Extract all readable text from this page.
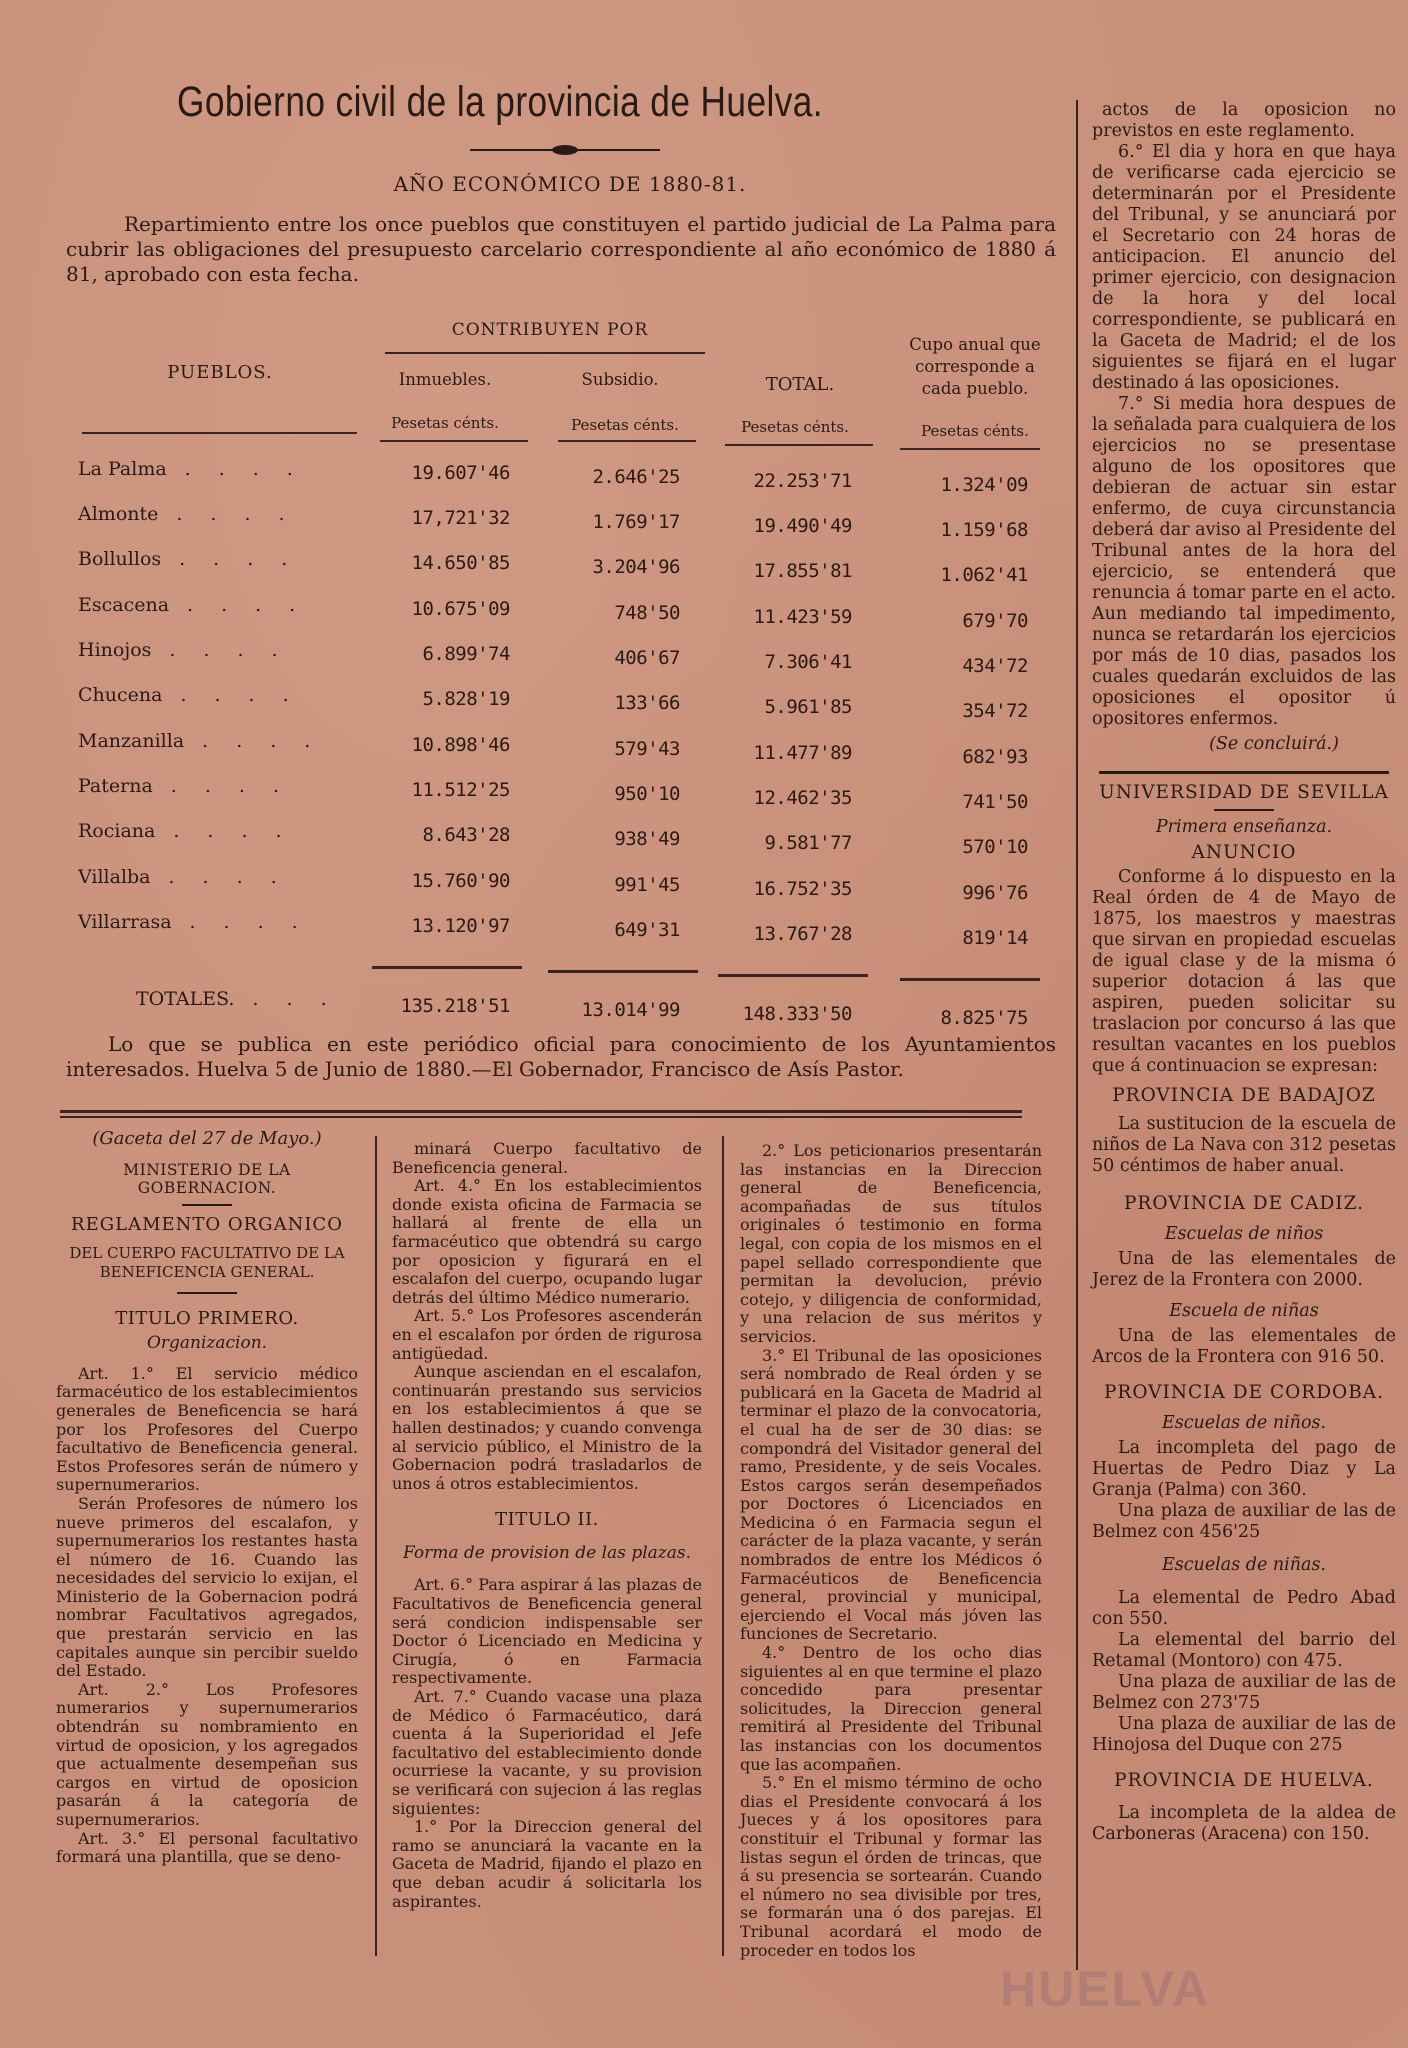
Gobierno civil de la provincia de Huelva.
AÑO ECONÓMICO DE 1880-81.
Repartimiento entre los once pueblos que constituyen el partido judicial de La Palma para cubrir las obligaciones del presupuesto carcelario correspondiente al año económico de 1880 á 81, aprobado con esta fecha.
CONTRIBUYEN POR
PUEBLOS.	Inmuebles.	Subsidio.	TOTAL.
Cupo anual que corresponde a cada pueblo.
Pesetas cénts.	Pesetas cénts.	Pesetas cénts.	Pesetas cénts.
La Palma ....	19.607'46	2.646'25	22.253'71	1.324'09
Almonte ....	17,721'32	1.769'17	19.490'49	1.159'68
Bollullos ....	14.650'85	3.204'96	17.855'81	1.062'41
Escacena ....	10.675'09	748'50	11.423'59	679'70
Hinojos ....	6.899'74	406'67	7.306'41	434'72
Chucena ....	5.828'19	133'66	5.961'85	354'72
Manzanilla ....	10.898'46	579'43	11.477'89	682'93
Paterna ....	11.512'25	950'10	12.462'35	741'50
Rociana ....	8.643'28	938'49	9.581'77	570'10
Villalba ....	15.760'90	991'45	16.752'35	996'76
Villarrasa ....	13.120'97	649'31	13.767'28	819'14
TOTALES. ...	135.218'51	13.014'99	148.333'50	8.825'75
Lo que se publica en este periódico oficial para conocimiento de los Ayuntamientos interesados. Huelva 5 de Junio de 1880.—El Gobernador, Francisco de Asís Pastor.

actos de la oposicion no previstos en este reglamento.

6.° El dia y hora en que haya de verificarse cada ejercicio se determinarán por el Presidente del Tribunal, y se anunciará por el Secretario con 24 horas de anticipacion. El anuncio del primer ejercicio, con designacion de la hora y del local correspondiente, se publicará en la Gaceta de Madrid; el de los siguientes se fijará en el lugar destinado á las oposiciones.

7.° Si media hora despues de la señalada para cualquiera de los ejercicios no se presentase alguno de los opositores que debieran de actuar sin estar enfermo, de cuya circunstancia deberá dar aviso al Presidente del Tribunal antes de la hora del ejercicio, se entenderá que renuncia á tomar parte en el acto. Aun mediando tal impedimento, nunca se retardarán los ejercicios por más de 10 dias, pasados los cuales quedarán excluidos de las oposiciones el opositor ú opositores enfermos.

(Se concluirá.)

UNIVERSIDAD DE SEVILLA

Primera enseñanza.

ANUNCIO

Conforme á lo dispuesto en la Real órden de 4 de Mayo de 1875, los maestros y maestras que sirvan en propiedad escuelas de igual clase y de la misma ó superior dotacion á las que aspiren, pueden solicitar su traslacion por concurso á las que resultan vacantes en los pueblos que á continuacion se expresan:

PROVINCIA DE BADAJOZ

La sustitucion de la escuela de niños de La Nava con 312 pesetas 50 céntimos de haber anual.

PROVINCIA DE CADIZ.

Escuelas de niños

Una de las elementales de Jerez de la Frontera con 2000.

Escuela de niñas

Una de las elementales de Arcos de la Frontera con 916 50.

PROVINCIA DE CORDOBA.

Escuelas de niños.

La incompleta del pago de Huertas de Pedro Diaz y La Granja (Palma) con 360.

Una plaza de auxiliar de las de Belmez con 456'25

Escuelas de niñas.

La elemental de Pedro Abad con 550.

La elemental del barrio del Retamal (Montoro) con 475.

Una plaza de auxiliar de las de Belmez con 273'75

Una plaza de auxiliar de las de Hinojosa del Duque con 275

PROVINCIA DE HUELVA.

La incompleta de la aldea de Carboneras (Aracena) con 150.

(Gaceta del 27 de Mayo.)

MINISTERIO DE LA GOBERNACION.
REGLAMENTO ORGANICO

DEL CUERPO FACULTATIVO DE LA BENEFICENCIA GENERAL.

TITULO PRIMERO.

Organizacion.

Art. 1.° El servicio médico farmacéutico de los establecimientos generales de Beneficencia se hará por los Profesores del Cuerpo facultativo de Beneficencia general. Estos Profesores serán de número y supernumerarios.

Serán Profesores de número los nueve primeros del escalafon, y supernumerarios los restantes hasta el número de 16. Cuando las necesidades del servicio lo exijan, el Ministerio de la Gobernacion podrá nombrar Facultativos agregados, que prestarán servicio en las capitales aunque sin percibir sueldo del Estado.

Art. 2.° Los Profesores numerarios y supernumerarios obtendrán su nombramiento en virtud de oposicion, y los agregados que actualmente desempeñan sus cargos en virtud de oposicion pasarán á la categoría de supernumerarios.

Art. 3.° El personal facultativo formará una plantilla, que se deno-

minará Cuerpo facultativo de Beneficencia general.

Art. 4.° En los establecimientos donde exista oficina de Farmacia se hallará al frente de ella un farmacéutico que obtendrá su cargo por oposicion y figurará en el escalafon del cuerpo, ocupando lugar detrás del último Médico numerario.

Art. 5.° Los Profesores ascenderán en el escalafon por órden de rigurosa antigüedad.

Aunque asciendan en el escalafon, continuarán prestando sus servicios en los establecimientos á que se hallen destinados; y cuando convenga al servicio público, el Ministro de la Gobernacion podrá trasladarlos de unos á otros establecimientos.

TITULO II.

Forma de provision de las plazas.

Art. 6.° Para aspirar á las plazas de Facultativos de Beneficencia general será condicion indispensable ser Doctor ó Licenciado en Medicina y Cirugía, ó en Farmacia respectivamente.

Art. 7.° Cuando vacase una plaza de Médico ó Farmacéutico, dará cuenta á la Superioridad el Jefe facultativo del establecimiento donde ocurriese la vacante, y su provision se verificará con sujecion á las reglas siguientes:

1.° Por la Direccion general del ramo se anunciará la vacante en la Gaceta de Madrid, fijando el plazo en que deban acudir á solicitarla los aspirantes.

2.° Los peticionarios presentarán las instancias en la Direccion general de Beneficencia, acompañadas de sus títulos originales ó testimonio en forma legal, con copia de los mismos en el papel sellado correspondiente que permitan la devolucion, prévio cotejo, y diligencia de conformidad, y una relacion de sus méritos y servicios.

3.° El Tribunal de las oposiciones será nombrado de Real órden y se publicará en la Gaceta de Madrid al terminar el plazo de la convocatoria, el cual ha de ser de 30 dias: se compondrá del Visitador general del ramo, Presidente, y de seis Vocales. Estos cargos serán desempeñados por Doctores ó Licenciados en Medicina ó en Farmacia segun el carácter de la plaza vacante, y serán nombrados de entre los Médicos ó Farmacéuticos de Beneficencia general, provincial y municipal, ejerciendo el Vocal más jóven las funciones de Secretario.

4.° Dentro de los ocho dias siguientes al en que termine el plazo concedido para presentar solicitudes, la Direccion general remitirá al Presidente del Tribunal las instancias con los documentos que las acompañen.

5.° En el mismo término de ocho dias el Presidente convocará á los Jueces y á los opositores para constituir el Tribunal y formar las listas segun el órden de trincas, que á su presencia se sortearán. Cuando el número no sea divisible por tres, se formarán una ó dos parejas. El Tribunal acordará el modo de proceder en todos los

HUELVA
